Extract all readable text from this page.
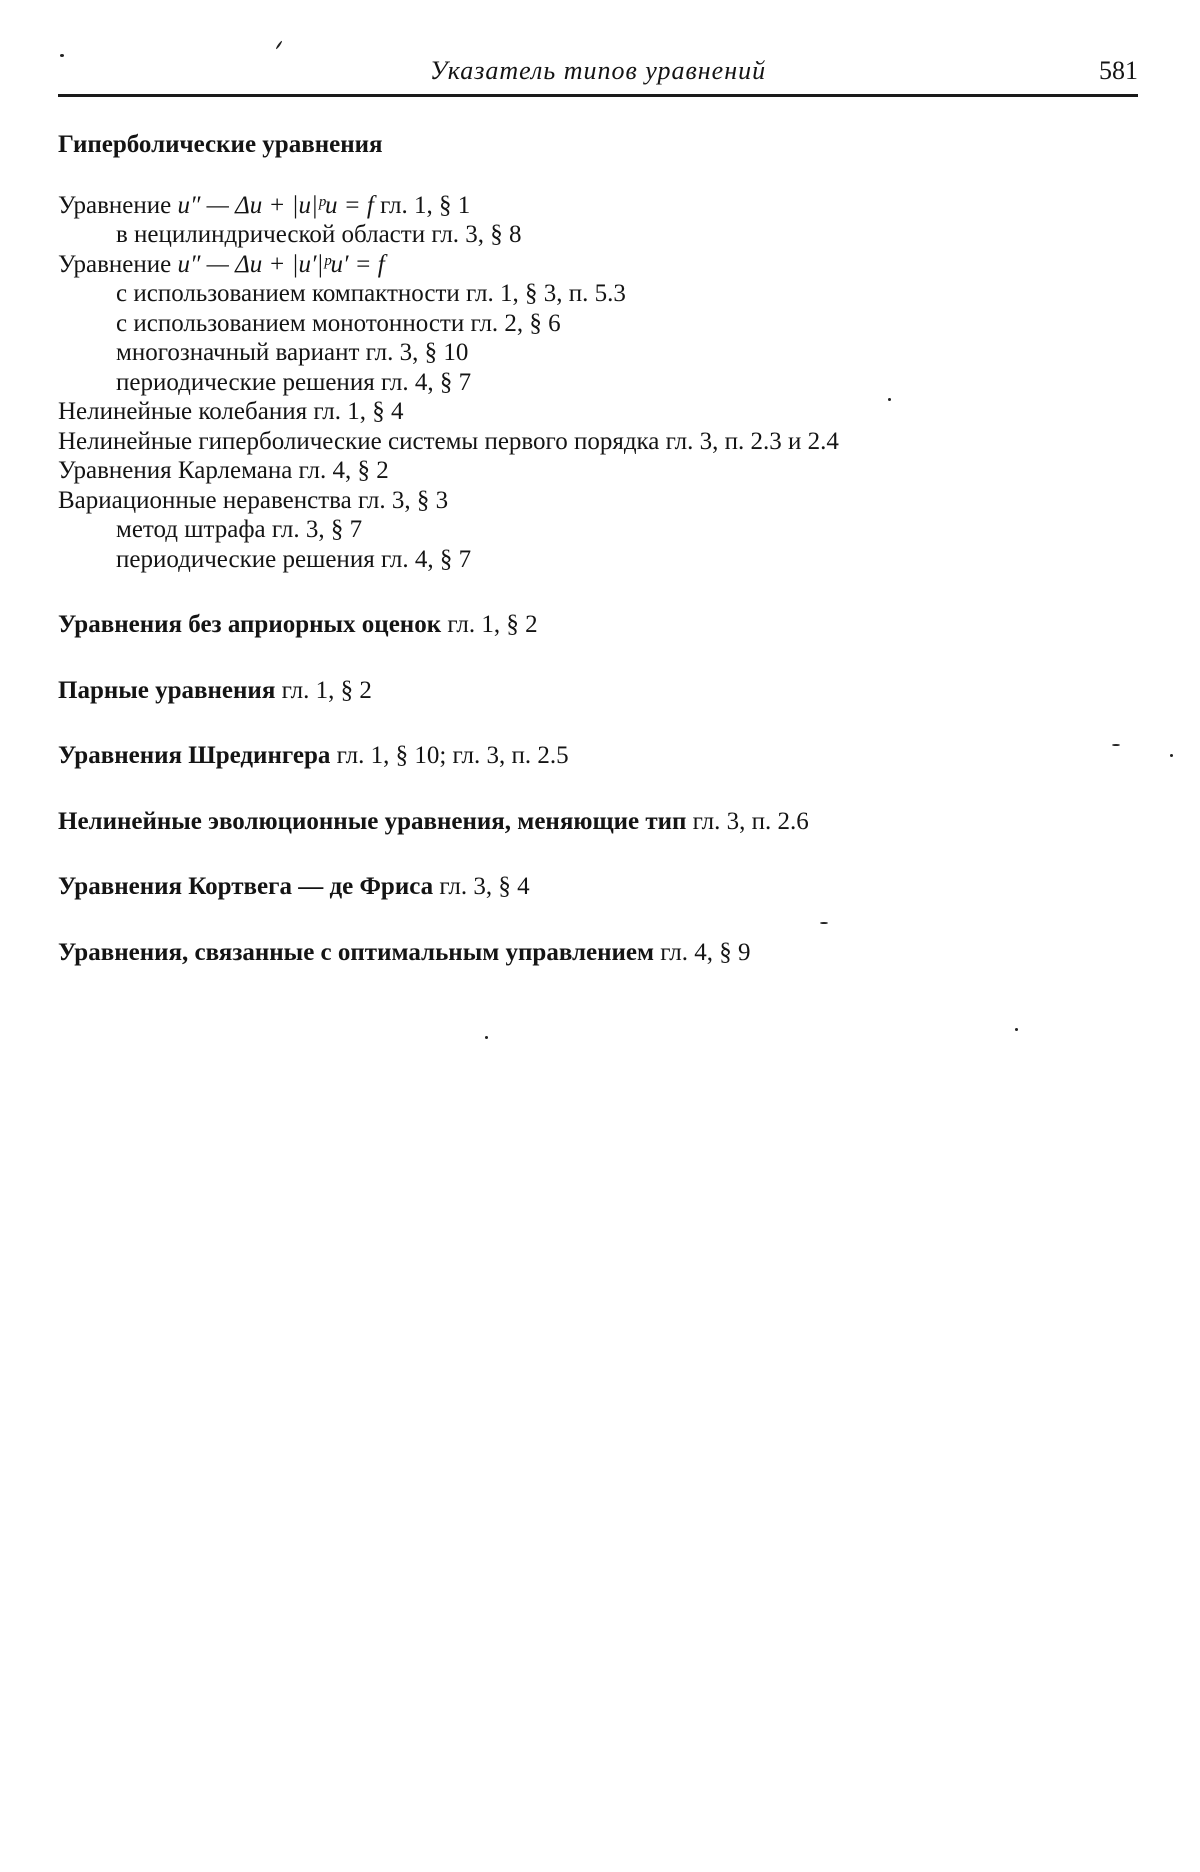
Указатель типов уравнений	581
Гиперболические уравнения
Уравнение u″ — Δu + |u|ᵖu = f гл. 1, § 1
в нецилиндрической области гл. 3, § 8
Уравнение u″ — Δu + |u′|ᵖu′ = f
с использованием компактности гл. 1, § 3, п. 5.3
с использованием монотонности гл. 2, § 6
многозначный вариант гл. 3, § 10
периодические решения гл. 4, § 7
Нелинейные колебания гл. 1, § 4
Нелинейные гиперболические системы первого порядка гл. 3, п. 2.3 и 2.4
Уравнения Карлемана гл. 4, § 2
Вариационные неравенства гл. 3, § 3
метод штрафа гл. 3, § 7
периодические решения гл. 4, § 7
Уравнения без априорных оценок гл. 1, § 2
Парные уравнения гл. 1, § 2
Уравнения Шредингера гл. 1, § 10; гл. 3, п. 2.5
Нелинейные эволюционные уравнения, меняющие тип гл. 3, п. 2.6
Уравнения Кортвега — де Фриса гл. 3, § 4
Уравнения, связанные с оптимальным управлением гл. 4, § 9
